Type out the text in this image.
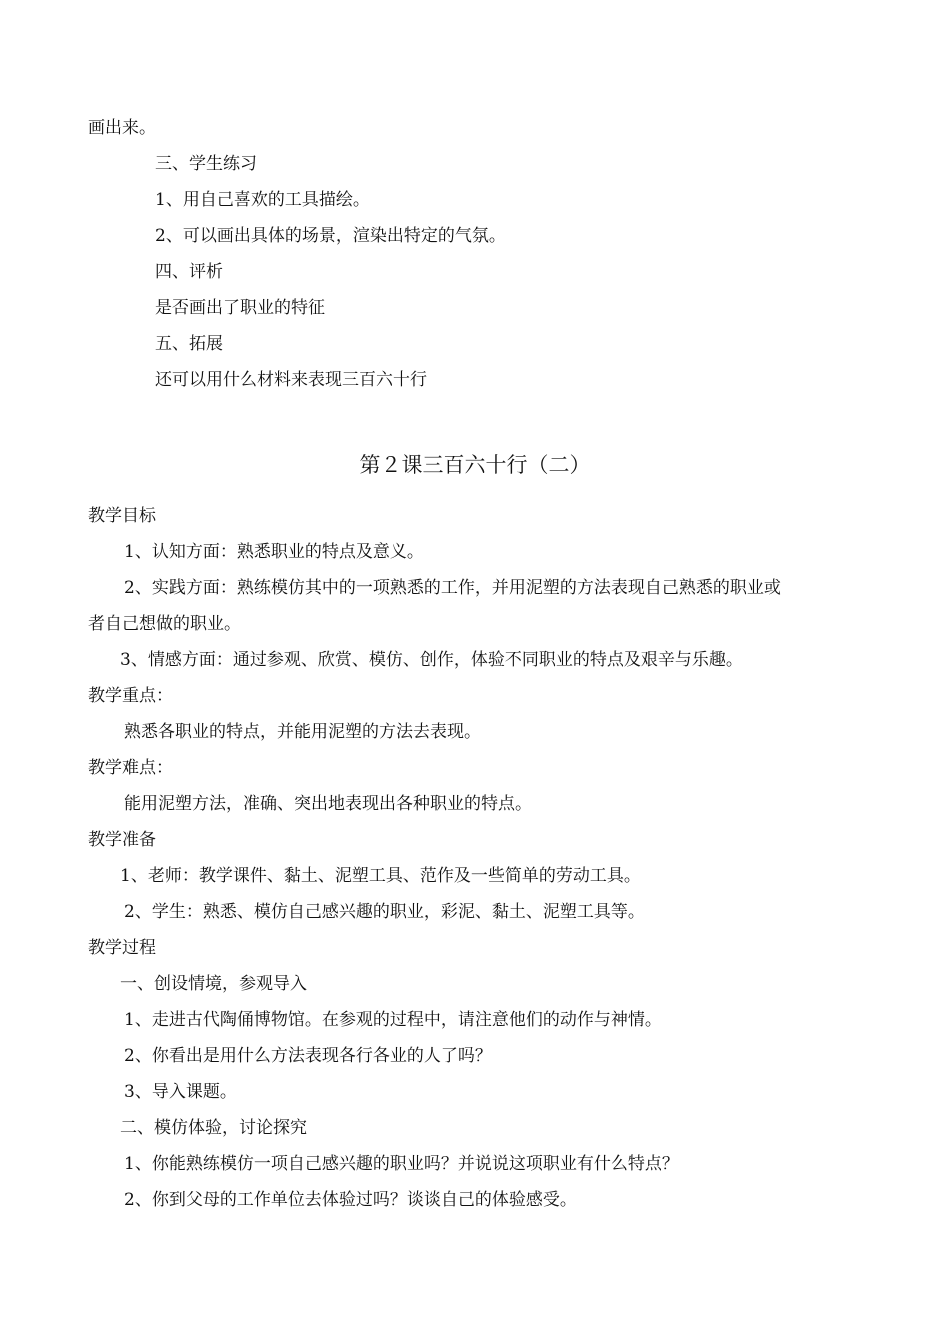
画出来。
三、学生练习
1、用自己喜欢的工具描绘。
2、可以画出具体的场景，渲染出特定的气氛。
四、评析
是否画出了职业的特征
五、拓展
还可以用什么材料来表现三百六十行
第２课三百六十行（二）
教学目标
1、认知方面：熟悉职业的特点及意义。
2、实践方面：熟练模仿其中的一项熟悉的工作，并用泥塑的方法表现自己熟悉的职业或
者自己想做的职业。
3、情感方面：通过参观、欣赏、模仿、创作，体验不同职业的特点及艰辛与乐趣。
教学重点：
熟悉各职业的特点，并能用泥塑的方法去表现。
教学难点：
能用泥塑方法，准确、突出地表现出各种职业的特点。
教学准备
1、老师：教学课件、黏土、泥塑工具、范作及一些简单的劳动工具。
2、学生：熟悉、模仿自己感兴趣的职业，彩泥、黏土、泥塑工具等。
教学过程
一、创设情境，参观导入
1、走进古代陶俑博物馆。在参观的过程中，请注意他们的动作与神情。
2、你看出是用什么方法表现各行各业的人了吗？
3、导入课题。
二、模仿体验，讨论探究
1、你能熟练模仿一项自己感兴趣的职业吗？并说说这项职业有什么特点？
2、你到父母的工作单位去体验过吗？谈谈自己的体验感受。
